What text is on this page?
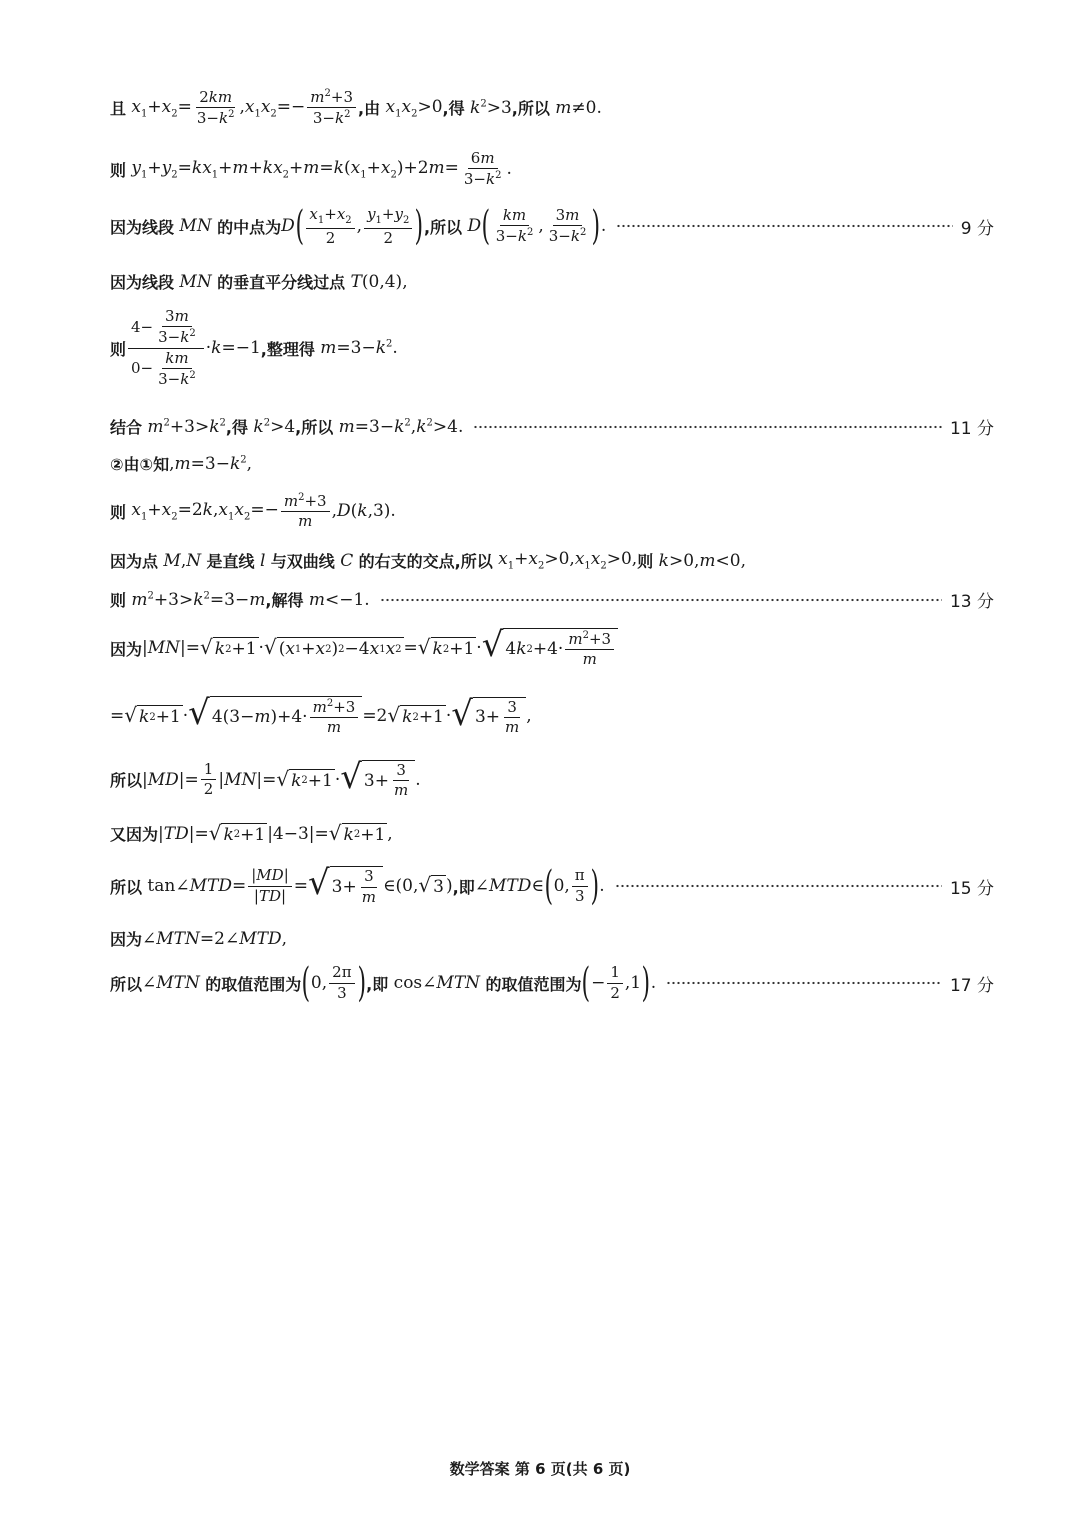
且
$x_1+x_2= \frac{2km}{3-k^2} ,x_1x_2=- \frac{m^2+3}{3-k^2}$ ,由
$x_1x_2>0$ ,得
$k^2>3$ ,所以
m≠0.
则
$y_1+y_2=kx_1+m+kx_2+m=k(x_1+x_2)+2m= \frac{6m}{3-k^2}$ .
因为线段
MN
的中点为 D ( $\frac{x_1+x_2}{2}$ , $\frac{y_1+y_2}{2}$ ) ,所以
D ( $\frac{km}{3-k^2}$ , $\frac{3m}{3-k^2}$ ) .	9 分
因为线段
MN
的垂直平分线过点
T(0,4),
则 $\frac{4- \frac{3m}{3-k^2}}{0- \frac{km}{3-k^2}} \cdot k=-1$ ,整理得
$m=3-k^2$.
结合
$m^2+3>k^2$ ,得
$k^2>4$ ,所以
$m=3-k^2,k^2>4$.	11 分
②由①知 $,m=3-k^2$,
则
$x_1+x_2=2k,x_1x_2=- \frac{m^2+3}{m} ,D(k,3)$.
因为点
M,N
是直线
l
与双曲线
C
的右支的交点 ,所以
$x_1+x_2>0,x_1x_2>0$, 则
k>0,m<0,
则
$m^2+3>k^2=3-m$ ,解得
m<−1.	13 分
因为 |MN|= √ k 2 +1 · √ ( x 1 + x 2 ) 2 −4 x 1 x 2 = √ k 2 +1 · √ 4 k $2 +4\cdot \frac{m^2+3}{m}$
= √ k 2 +1 · √ 4(3− m )$+4\cdot \frac{m^2+3}{m} =2$ √ k 2 +1 · √ $3+ \frac{3}{m}$ ,
所以 $|MD|= \frac{1}{2} |MN|=$ √ k 2 +1 · √ $3+ \frac{3}{m}$ .
又因为 |TD|= √ k 2 +1 |4−3|= √ k 2 +1 ,
所以
tan∠MTD= $\frac{|MD|}{|TD|}$ = √ $3+ \frac{3}{m}$ ∈(0, √ 3 ) ,即 ∠MTD∈ ( 0, $\frac{\pi}{3}$ ) .	15 分
因为 ∠MTN=2∠MTD,
所以 ∠MTN
的取值范围为 ( 0, $\frac{2\pi}{3}$ ) ,即
cos∠MTN
的取值范围为 ( − $\frac{1}{2} ,1$ ) .	17 分
数学答案 第 6 页(共 6 页)
